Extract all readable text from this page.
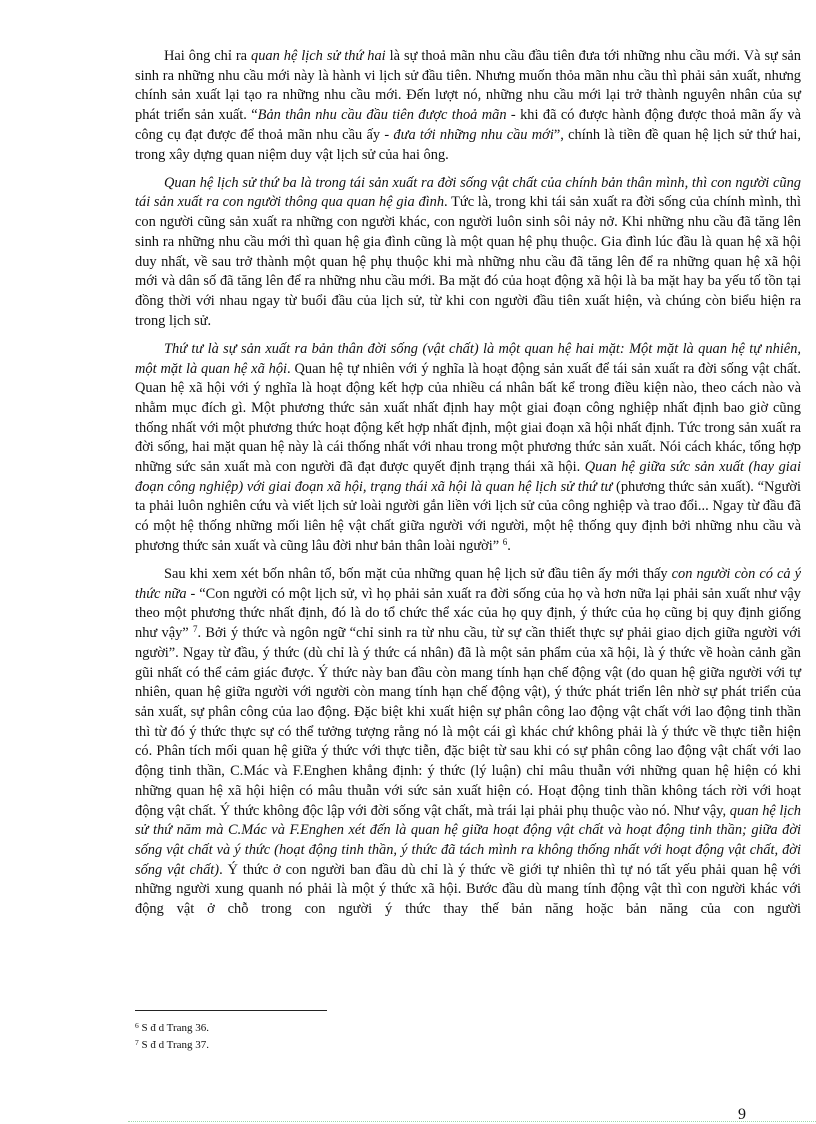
Hai ông chỉ ra quan hệ lịch sử thứ hai là sự thoả mãn nhu cầu đầu tiên đưa tới những nhu cầu mới. Và sự sản sinh ra những nhu cầu mới này là hành vi lịch sử đầu tiên. Nhưng muốn thỏa mãn nhu cầu thì phải sản xuất, nhưng chính sản xuất lại tạo ra những nhu cầu mới. Đến lượt nó, những nhu cầu mới lại trở thành nguyên nhân của sự phát triển sản xuất. “Bản thân nhu cầu đầu tiên được thoả mãn - khi đã có được hành động được thoả mãn ấy và công cụ đạt được để thoả mãn nhu cầu ấy - đưa tới những nhu cầu mới”, chính là tiền đề quan hệ lịch sử thứ hai, trong xây dựng quan niệm duy vật lịch sử của hai ông.

Quan hệ lịch sử thứ ba là trong tái sản xuất ra đời sống vật chất của chính bản thân mình, thì con người cũng tái sản xuất ra con người thông qua quan hệ gia đình. Tức là, trong khi tái sản xuất ra đời sống của chính mình, thì con người cũng sản xuất ra những con người khác, con người luôn sinh sôi nảy nở. Khi những nhu cầu đã tăng lên sinh ra những nhu cầu mới thì quan hệ gia đình cũng là một quan hệ phụ thuộc. Gia đình lúc đầu là quan hệ xã hội duy nhất, về sau trở thành một quan hệ phụ thuộc khi mà những nhu cầu đã tăng lên để ra những quan hệ xã hội mới và dân số đã tăng lên để ra những nhu cầu mới. Ba mặt đó của hoạt động xã hội là ba mặt hay ba yếu tố tồn tại đồng thời với nhau ngay từ buổi đầu của lịch sử, từ khi con người đầu tiên xuất hiện, và chúng còn biểu hiện ra trong lịch sử.

Thứ tư là sự sản xuất ra bản thân đời sống (vật chất) là một quan hệ hai mặt: Một mặt là quan hệ tự nhiên, một mặt là quan hệ xã hội. Quan hệ tự nhiên với ý nghĩa là hoạt động sản xuất để tái sản xuất ra đời sống vật chất. Quan hệ xã hội với ý nghĩa là hoạt động kết hợp của nhiều cá nhân bất kể trong điều kiện nào, theo cách nào và nhằm mục đích gì. Một phương thức sản xuất nhất định hay một giai đoạn công nghiệp nhất định bao giờ cũng thống nhất với một phương thức hoạt động kết hợp nhất định, một giai đoạn xã hội nhất định. Tức trong sản xuất ra đời sống, hai mặt quan hệ này là cái thống nhất với nhau trong một phương thức sản xuất. Nói cách khác, tổng hợp những sức sản xuất mà con người đã đạt được quyết định trạng thái xã hội. Quan hệ giữa sức sản xuất (hay giai đoạn công nghiệp) với giai đoạn xã hội, trạng thái xã hội là quan hệ lịch sử thứ tư (phương thức sản xuất). “Người ta phải luôn nghiên cứu và viết lịch sử loài người gắn liền với lịch sử của công nghiệp và trao đổi... Ngay từ đầu đã có một hệ thống những mối liên hệ vật chất giữa người với người, một hệ thống quy định bởi những nhu cầu và phương thức sản xuất và cũng lâu đời như bản thân loài người” $^6$.

Sau khi xem xét bốn nhân tố, bốn mặt của những quan hệ lịch sử đầu tiên ấy mới thấy con người còn có cả ý thức nữa - “Con người có một lịch sử, vì họ phải sản xuất ra đời sống của họ và hơn nữa lại phải sản xuất như vậy theo một phương thức nhất định, đó là do tổ chức thể xác của họ quy định, ý thức của họ cũng bị quy định giống như vậy” $^7$. Bởi ý thức và ngôn ngữ “chỉ sinh ra từ nhu cầu, từ sự cần thiết thực sự phải giao dịch giữa người với người”. Ngay từ đầu, ý thức (dù chỉ là ý thức cá nhân) đã là một sản phẩm của xã hội, là ý thức về hoàn cảnh gần gũi nhất có thể cảm giác được. Ý thức này ban đầu còn mang tính hạn chế động vật (do quan hệ giữa người với tự nhiên, quan hệ giữa người với người còn mang tính hạn chế động vật), ý thức phát triển lên nhờ sự phát triển của sản xuất, sự phân công của lao động. Đặc biệt khi xuất hiện sự phân công lao động vật chất với lao động tinh thần thì từ đó ý thức thực sự có thể tưởng tượng rằng nó là một cái gì khác chứ không phải là ý thức về thực tiễn hiện có. Phân tích mối quan hệ giữa ý thức với thực tiễn, đặc biệt từ sau khi có sự phân công lao động vật chất với lao động tinh thần, C.Mác và F.Enghen khẳng định: ý thức (lý luận) chỉ mâu thuẫn với những quan hệ hiện có khi những quan hệ xã hội hiện có mâu thuẫn với sức sản xuất hiện có. Hoạt động tinh thần không tách rời với hoạt động vật chất. Ý thức không độc lập với đời sống vật chất, mà trái lại phải phụ thuộc vào nó. Như vậy, quan hệ lịch sử thứ năm mà C.Mác và F.Enghen xét đến là quan hệ giữa hoạt động vật chất và hoạt động tinh thần; giữa đời sống vật chất và ý thức (hoạt động tinh thần, ý thức đã tách mình ra không thống nhất với hoạt động vật chất, đời sống vật chất). Ý thức ở con người ban đầu dù chỉ là ý thức về giới tự nhiên thì tự nó tất yếu phải quan hệ với những người xung quanh nó phải là một ý thức xã hội. Bước đầu dù mang tính động vật thì con người khác với động vật ở chỗ trong con người ý thức thay thế bản năng hoặc bản năng của con người

$^6$ S đ d Trang 36.
$^7$ S đ d Trang 37.
9
